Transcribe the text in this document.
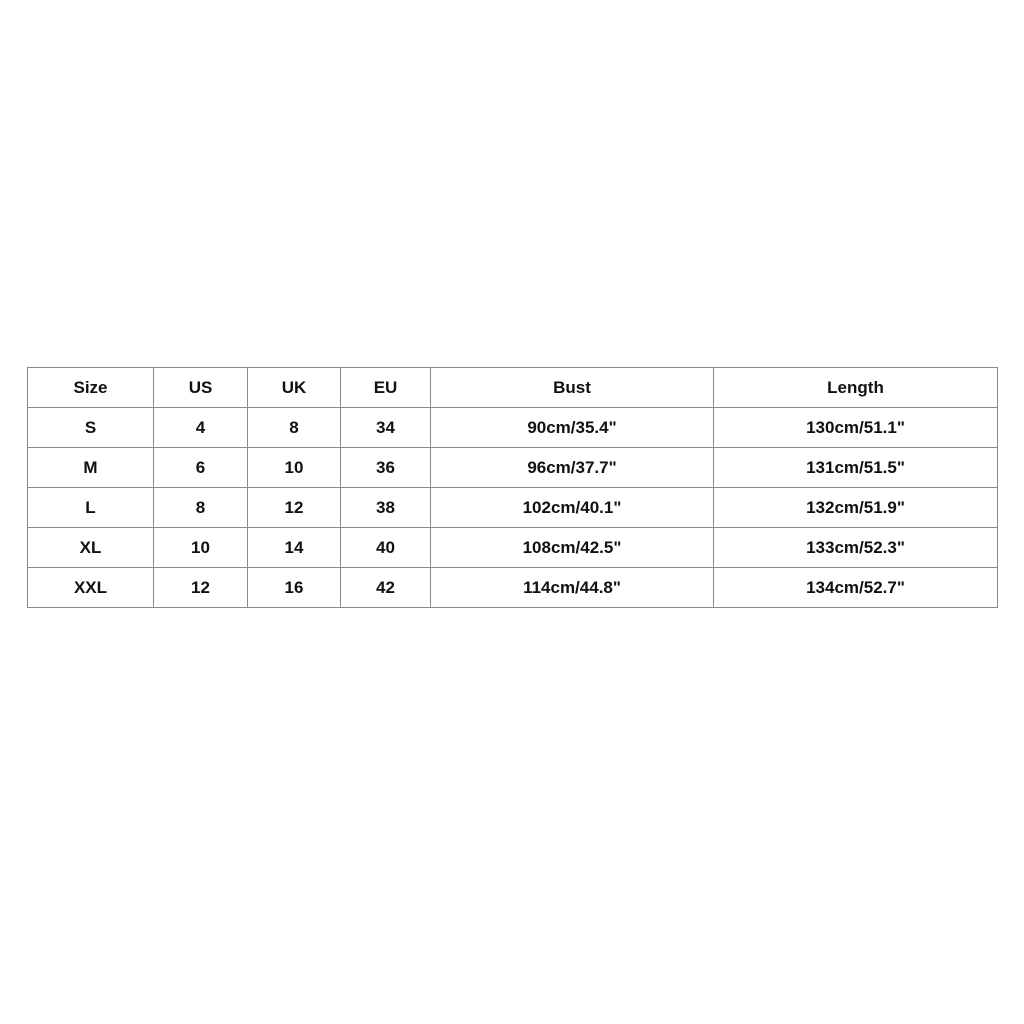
Size	US	UK	EU	Bust	Length
S	4	8	34	90cm/35.4"	130cm/51.1"
M	6	10	36	96cm/37.7"	131cm/51.5"
L	8	12	38	102cm/40.1"	132cm/51.9"
XL	10	14	40	108cm/42.5"	133cm/52.3"
XXL	12	16	42	114cm/44.8"	134cm/52.7"
